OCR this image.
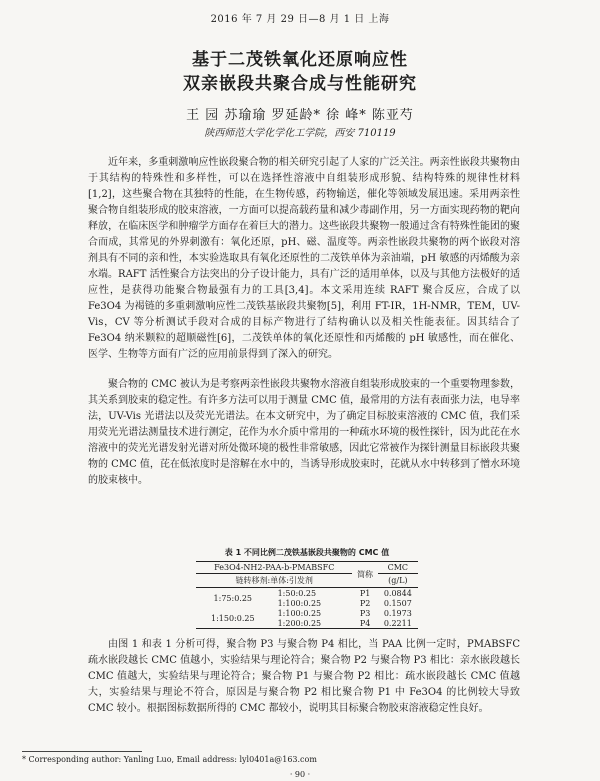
2016 年 7 月 29 日—8 月 1 日 上海
基于二茂铁氧化还原响应性
双亲嵌段共聚合成与性能研究
王 园 苏瑜瑜 罗延龄* 徐 峰* 陈亚芍
陕西师范大学化学化工学院，西安 710119
近年来，多重刺激响应性嵌段聚合物的相关研究引起了人家的广泛关注。两亲性嵌段共聚物由于其结构的特殊性和多样性，可以在选择性溶液中自组装形成形貌、结构特殊的规律性材料[1,2]，这些聚合物在其独特的性能，在生物传感，药物输送，催化等领域发展迅速。采用两亲性聚合物自组装形成的胶束溶液，一方面可以提高载药量和减少毒副作用，另一方面实现药物的靶向释放，在临床医学和肿瘤学方面存在着巨大的潜力。这些嵌段共聚物一般通过含有特殊性能团的聚合而成，其常见的外界刺激有：氧化还原，pH、磁、温度等。两亲性嵌段共聚物的两个嵌段对溶剂具有不同的亲和性，本实验选取具有氧化还原性的二茂铁单体为亲油端，pH 敏感的丙烯酸为亲水端。RAFT 活性聚合方法突出的分子设计能力，具有广泛的适用单体，以及与其他方法极好的适应性，是获得功能聚合物最强有力的工具[3,4]。本文采用连续 RAFT 聚合反应，合成了以 Fe3O4 为褐链的多重刺激响应性二茂铁基嵌段共聚物[5]，利用 FT-IR，1H-NMR，TEM，UV-Vis，CV 等分析测试手段对合成的目标产物进行了结构确认以及相关性能表征。因其结合了 Fe3O4 纳米颗粒的超顺磁性[6]，二茂铁单体的氧化还原性和丙烯酸的 pH 敏感性，而在催化、医学、生物等方面有广泛的应用前景得到了深入的研究。
聚合物的 CMC 被认为是考察两亲性嵌段共聚物水溶液自组装形成胶束的一个重要物理参数，其关系到胶束的稳定性。有许多方法可以用于测量 CMC 值，最常用的方法有表面张力法，电导率法，UV-Vis 光谱法以及荧光光谱法。在本文研究中，为了确定目标胶束溶液的 CMC 值，我们采用荧光光谱法测量技术进行测定，芘作为水介质中常用的一种疏水环境的极性探针，因为此芘在水溶液中的荧光光谱发射光谱对所处微环境的极性非常敏感，因此它常被作为探针测量目标嵌段共聚物的 CMC 值，芘在低浓度时是溶解在水中的，当诱导形成胶束时，芘就从水中转移到了憎水环境的胶束核中。
表 1 不同比例二茂铁基嵌段共聚物的 CMC 值
Fe3O4-NH2-PAA-b-PMABSFC		简称	CMC
链转移剂:单体:引发剂			(g/L)
1:75:0.25	1:50:0.25	P1	0.0844
	1:100:0.25	P2	0.1507
1:150:0.25	1:100:0.25	P3	0.1973
	1:200:0.25	P4	0.2211
由图 1 和表 1 分析可得，聚合物 P3 与聚合物 P4 相比，当 PAA 比例一定时，PMABSFC 疏水嵌段越长 CMC 值越小，实验结果与理论符合；聚合物 P2 与聚合物 P3 相比：亲水嵌段越长 CMC 值越大，实验结果与理论符合；聚合物 P1 与聚合物 P2 相比：疏水嵌段越长 CMC 值越大，实验结果与理论不符合，原因是与聚合物 P2 相比聚合物 P1 中 Fe3O4 的比例较大导致 CMC 较小。根据图标数据所得的 CMC 都较小，说明其目标聚合物胶束溶液稳定性良好。
* Corresponding author: Yanling Luo, Email address: lyl0401a@163.com
· 90 ·
